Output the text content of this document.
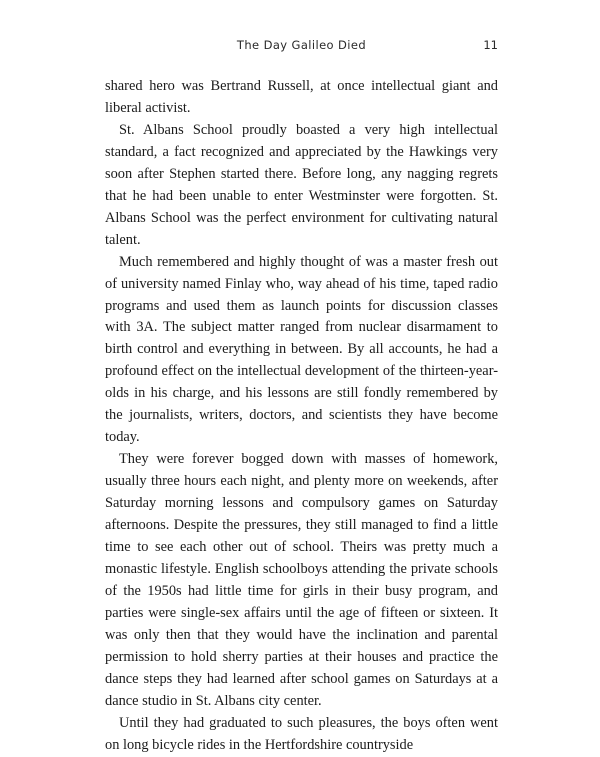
The Day Galileo Died	11

shared hero was Bertrand Russell, at once intellectual giant and liberal activist.

St. Albans School proudly boasted a very high intellectual standard, a fact recognized and appreciated by the Hawkings very soon after Stephen started there. Before long, any nagging regrets that he had been unable to enter Westminster were forgotten. St. Albans School was the perfect environment for cultivating natural talent.

Much remembered and highly thought of was a master fresh out of university named Finlay who, way ahead of his time, taped radio programs and used them as launch points for discussion classes with 3A. The subject matter ranged from nuclear disarmament to birth control and everything in between. By all accounts, he had a profound effect on the intellectual development of the thirteen-year-olds in his charge, and his lessons are still fondly remembered by the journalists, writers, doctors, and scientists they have become today.

They were forever bogged down with masses of homework, usually three hours each night, and plenty more on weekends, after Saturday morning lessons and compulsory games on Saturday afternoons. Despite the pressures, they still managed to find a little time to see each other out of school. Theirs was pretty much a monastic lifestyle. English schoolboys attending the private schools of the 1950s had little time for girls in their busy program, and parties were single-sex affairs until the age of fifteen or sixteen. It was only then that they would have the inclination and parental permission to hold sherry parties at their houses and practice the dance steps they had learned after school games on Saturdays at a dance studio in St. Albans city center.

Until they had graduated to such pleasures, the boys often went on long bicycle rides in the Hertfordshire countryside
